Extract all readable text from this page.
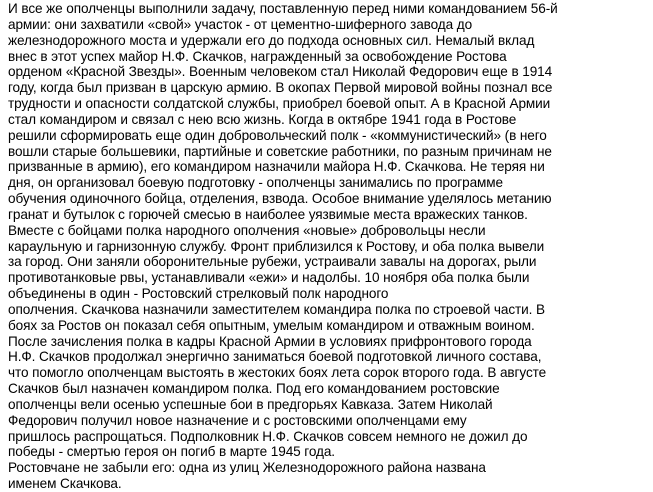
И все же ополченцы выполнили задачу, поставленную перед ними командованием 56-й
армии: они захватили «свой» участок - от цементно-шиферного завода до
железнодорожного моста и удержали его до подхода основных сил. Немалый вклад
внес в этот успех майор Н.Ф. Скачков, награжденный за освобождение Ростова
орденом «Красной Звезды». Военным человеком стал Николай Федорович еще в 1914
году, когда был призван в царскую армию. В окопах Первой мировой войны познал все
трудности и опасности солдатской службы, приобрел боевой опыт. А в Красной Армии
стал командиром и связал с нею всю жизнь. Когда в октябре 1941 года в Ростове
решили сформировать еще один добровольческий полк - «коммунистический» (в него
вошли старые большевики, партийные и советские работники, по разным причинам не
призванные в армию), его командиром назначили майора Н.Ф. Скачкова. Не теряя ни
дня, он организовал боевую подготовку - ополченцы занимались по программе
обучения одиночного бойца, отделения, взвода. Особое внимание уделялось метанию
гранат и бутылок с горючей смесью в наиболее уязвимые места вражеских танков.
Вместе с бойцами полка народного ополчения «новые» добровольцы несли
караульную и гарнизонную службу. Фронт приблизился к Ростову, и оба полка вывели
за город. Они заняли оборонительные рубежи, устраивали завалы на дорогах, рыли
противотанковые рвы, устанавливали «ежи» и надолбы. 10 ноября оба полка были
объединены в один - Ростовский стрелковый полк народного
ополчения. Скачкова назначили заместителем командира полка по строевой части. В
боях за Ростов он показал себя опытным, умелым командиром и отважным воином.
После зачисления полка в кадры Красной Армии в условиях прифронтового города
Н.Ф. Скачков продолжал энергично заниматься боевой подготовкой личного состава,
что помогло ополченцам выстоять в жестоких боях лета сорок второго года. В августе
Скачков был назначен командиром полка. Под его командованием ростовские
ополченцы вели осенью успешные бои в предгорьях Кавказа. Затем Николай
Федорович получил новое назначение и с ростовскими ополченцами ему
пришлось распрощаться. Подполковник Н.Ф. Скачков совсем немного не дожил до
победы - смертью героя он погиб в марте 1945 года.
Ростовчане не забыли его: одна из улиц Железнодорожного района названа
именем Скачкова.
